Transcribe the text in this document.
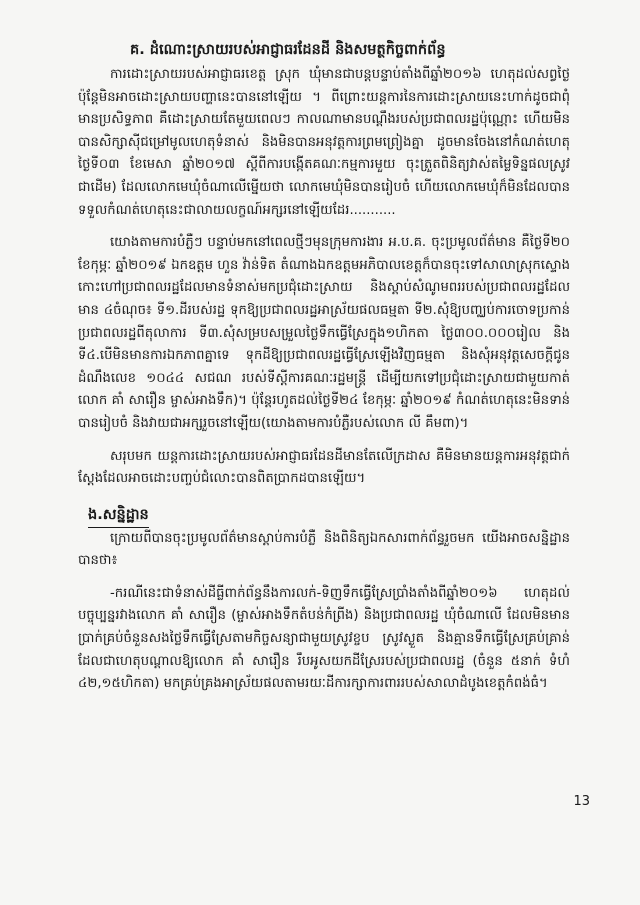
គ. ដំណោះស្រាយរបស់អាជ្ញាធរដែនដី និងសមត្ថកិច្ចពាក់ព័ន្ធ

ការដោះស្រាយរបស់អាជ្ញាធរខេត្ត ស្រុក ឃុំមានជាបន្តបន្ទាប់តាំងពីឆ្នាំ២០១៦ ហេតុដល់សព្វថ្ងៃ ប៉ុន្តែមិនអាចដោះស្រាយបញ្ហានេះបាននៅឡើយ ។ ពីព្រោះយន្តការនៃការដោះស្រាយនេះហាក់ដូចជាពុំមានប្រសិទ្ធភាព គឺដោះស្រាយតែមួយពេលៗ កាលណាមានបណ្តឹងរបស់ប្រជាពលរដ្ឋប៉ុណ្ណោះ ហើយមិនបានសិក្សាស៊ីជម្រៅមូលហេតុទំនាស់ និងមិនបានអនុវត្តការព្រមព្រៀងគ្នា ដូចមានចែងនៅកំណត់ហេតុថ្ងៃទី០៣ ខែមេសា ឆ្នាំ២០១៧ ស្តីពីការបង្កើតគណៈកម្មការមួយ ចុះត្រួតពិនិត្យវាស់តម្លៃទិន្នផលស្រូវជាដើម) ដែលលោកមេឃុំចំណាលើម្នើយថា លោកមេឃុំមិនបានរៀបចំ ហើយលោកមេឃុំក៏មិនដែលបានទទួលកំណត់ហេតុនេះជាលាយលក្ខណ៍អក្សរនៅឡើយដែរ...........

យោងតាមការបំភ្លឺៗ បន្ទាប់មកនៅពេលថ្មីៗមុនក្រុមការងារ អ.ប.គ. ចុះប្រមូលព័ត៌មាន គឺថ្ងៃទី២០ ខែកុម្ភៈ ឆ្នាំ២០១៩ ឯកឧត្តម ហួន វ៉ាន់ទិត តំណាងឯកឧត្តមអភិបាលខេត្តក៏បានចុះទៅសាលាស្រុកស្ទោង កោះហៅប្រជាពលរដ្ឋដែលមានទំនាស់មកប្រជុំដោះស្រាយ និងស្តាប់សំណូមពររបស់ប្រជាពលរដ្ឋដែលមាន ៤ចំណុច៖ ទី១.ដីរបស់រដ្ឋ ទុកឱ្យប្រជាពលរដ្ឋអាស្រ័យផលធម្មតា ទី២.សុំឱ្យបញ្ឈប់ការចោទប្រកាន់ប្រជាពលរដ្ឋពីតុលាការ ទី៣.សុំសម្របសម្រួលថ្លៃទឹកធ្វើស្រែក្នុង១ហិកតា ថ្លៃ៣០០.០០០រៀល និង ទី៤.បើមិនមានការឯកភាពគ្នាទេ ទុកដីឱ្យប្រជាពលរដ្ឋធ្វើស្រែឡើងវិញធម្មតា និងសុំអនុវត្តសេចក្តីជូនដំណឹងលេខ ១០៤៤ សជណ របស់ទីស្តីការគណៈរដ្ឋមន្ត្រី ដើម្បីយកទៅប្រជុំដោះស្រាយជាមួយកាត់លោក គាំ សារឿន ម្ចាស់អាងទឹក)។ ប៉ុន្តែរហូតដល់ថ្ងៃទី២៤ ខែកុម្ភៈ ឆ្នាំ២០១៩ កំណត់ហេតុនេះមិនទាន់បានរៀបចំ និងវាយជាអក្សរួចនៅឡើយ(យោងតាមការបំភ្លឺរបស់លោក លី គឹមពា)។

សរុបមក យន្តការដោះស្រាយរបស់អាជ្ញាធរដែនដីមានតែលើក្រដាស គឺមិនមានយន្តការអនុវត្តជាក់ស្តែងដែលអាចដោះបញ្ចប់ជំលោះបានពិតប្រាកដបានឡើយ។

ង.សន្និដ្ឋាន

ក្រោយពីបានចុះប្រមូលព័ត៌មានស្តាប់ការបំភ្លឺ និងពិនិត្យឯកសារពាក់ព័ន្ធរួចមក យើងអាចសន្និដ្ឋានបានថា៖

-ករណីនេះជាទំនាស់ដីធ្លីពាក់ព័ន្ធនឹងការលក់-ទិញទឹកធ្វើស្រែប្រាំងតាំងពីឆ្នាំ២០១៦ ហេតុដល់បច្ចុប្បន្នរវាងលោក គាំ សារឿន (ម្ចាស់អាងទឹកតំបន់កំព្រីង) និងប្រជាពលរដ្ឋ ឃុំចំណាលើ ដែលមិនមានប្រាក់គ្រប់ចំនួនសងថ្លៃទឹកធ្វើស្រែតាមកិច្ចសន្យាជាមួយស្រូវខ្ចប ស្រូវស្ងួត និងគ្មានទឹកធ្វើស្រែគ្រប់គ្រាន់ ដែលជាហេតុបណ្ដាលឱ្យលោក គាំ សារឿន រឹបអូសយកដីស្រែរបស់ប្រជាពលរដ្ឋ (ចំនួន ៥នាក់ ទំហំ ៤២,១៥ហិកតា) មកគ្រប់គ្រងអាស្រ័យផលតាមរយៈដីការក្សាការពាររបស់សាលាដំបូងខេត្តកំពង់ធំ។

13
